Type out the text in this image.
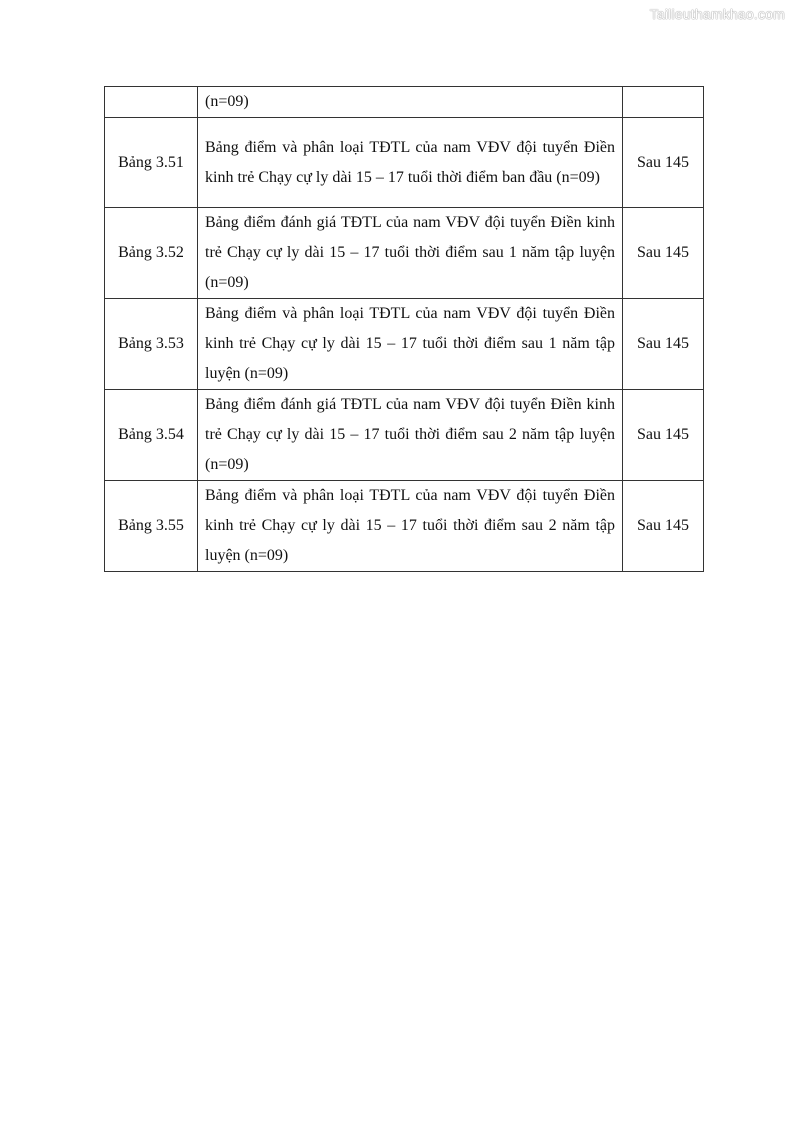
Tailieuthamkhao.com
	(n=09)	
Bảng 3.51	Bảng điểm và phân loại TĐTL của nam VĐV đội tuyển Điền kinh trẻ Chạy cự ly dài 15 – 17 tuổi thời điểm ban đầu (n=09)	Sau 145
Bảng 3.52	Bảng điểm đánh giá TĐTL của nam VĐV đội tuyển Điền kinh trẻ Chạy cự ly dài 15 – 17 tuổi thời điểm sau 1 năm tập luyện (n=09)	Sau 145
Bảng 3.53	Bảng điểm và phân loại TĐTL của nam VĐV đội tuyển Điền kinh trẻ Chạy cự ly dài 15 – 17 tuổi thời điểm sau 1 năm tập luyện (n=09)	Sau 145
Bảng 3.54	Bảng điểm đánh giá TĐTL của nam VĐV đội tuyển Điền kinh trẻ Chạy cự ly dài 15 – 17 tuổi thời điểm sau 2 năm tập luyện (n=09)	Sau 145
Bảng 3.55	Bảng điểm và phân loại TĐTL của nam VĐV đội tuyển Điền kinh trẻ Chạy cự ly dài 15 – 17 tuổi thời điểm sau 2 năm tập luyện (n=09)	Sau 145
